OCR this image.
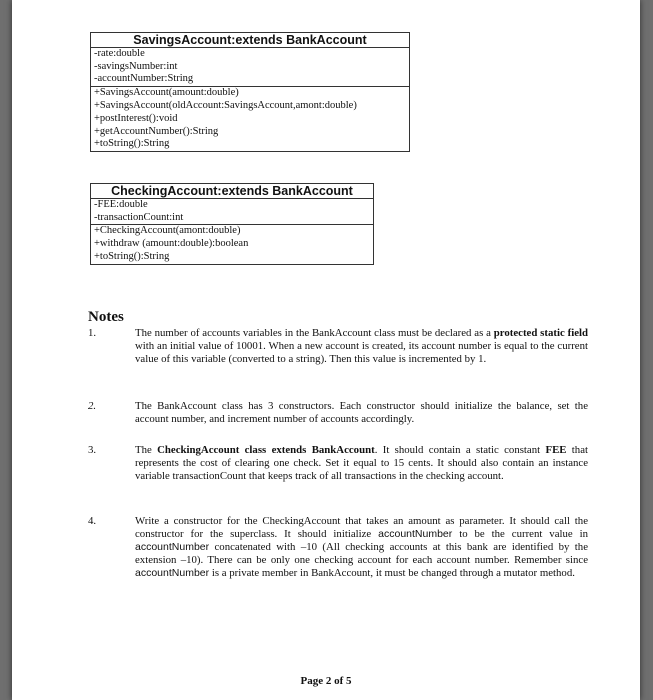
SavingsAccount:extends BankAccount
-rate:double
-savingsNumber:int
-accountNumber:String
+SavingsAccount(amount:double)
+SavingsAccount(oldAccount:SavingsAccount,amont:double)
+postInterest():void
+getAccountNumber():String
+toString():String
CheckingAccount:extends BankAccount
-FEE:double
-transactionCount:int
+CheckingAccount(amont:double)
+withdraw (amount:double):boolean
+toString():String
Notes
1.	The number of accounts variables in the BankAccount class must be declared as a protected static field with an initial value of 10001. When a new account is created, its account number is equal to the current value of this variable (converted to a string). Then this value is incremented by 1.
2.	The BankAccount class has 3 constructors. Each constructor should initialize the balance, set the account number, and increment number of accounts accordingly.
3.	The CheckingAccount class extends BankAccount. It should contain a static constant FEE that represents the cost of clearing one check. Set it equal to 15 cents. It should also contain an instance variable transactionCount that keeps track of all transactions in the checking account.
4.	Write a constructor for the CheckingAccount that takes an amount as parameter. It should call the constructor for the superclass. It should initialize accountNumber to be the current value in accountNumber concatenated with –10 (All checking accounts at this bank are identified by the extension –10). There can be only one checking account for each account number. Remember since accountNumber is a private member in BankAccount, it must be changed through a mutator method.
Page 2 of 5
